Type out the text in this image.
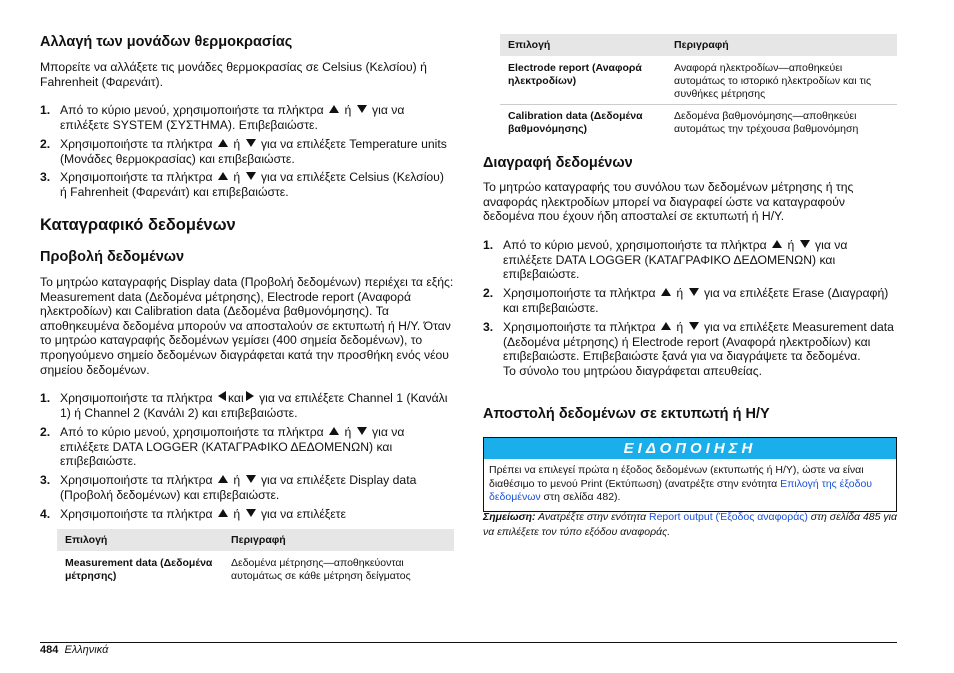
Αλλαγή των μονάδων θερμοκρασίας

Μπορείτε να αλλάξετε τις μονάδες θερμοκρασίας σε Celsius (Κελσίου) ή Fahrenheit (Φαρενάιτ).

1. Από το κύριο μενού, χρησιμοποιήστε τα πλήκτρα ή για να επιλέξετε SYSTEM (ΣΥΣΤΗΜΑ). Επιβεβαιώστε.
2. Χρησιμοποιήστε τα πλήκτρα ή για να επιλέξετε Temperature units (Μονάδες θερμοκρασίας) και επιβεβαιώστε.
3. Χρησιμοποιήστε τα πλήκτρα ή για να επιλέξετε Celsius (Κελσίου) ή Fahrenheit (Φαρενάιτ) και επιβεβαιώστε.
Καταγραφικό δεδομένων
Προβολή δεδομένων

Το μητρώο καταγραφής Display data (Προβολή δεδομένων) περιέχει τα εξής: Measurement data (Δεδομένα μέτρησης), Electrode report (Αναφορά ηλεκτροδίων) και Calibration data (Δεδομένα βαθμονόμησης). Τα αποθηκευμένα δεδομένα μπορούν να αποσταλούν σε εκτυπωτή ή Η/Υ. Όταν το μητρώο καταγραφής δεδομένων γεμίσει (400 σημεία δεδομένων), το προηγούμενο σημείο δεδομένων διαγράφεται κατά την προσθήκη ενός νέου σημείου δεδομένων.

1. Χρησιμοποιήστε τα πλήκτρα και για να επιλέξετε Channel 1 (Κανάλι 1) ή Channel 2 (Κανάλι 2) και επιβεβαιώστε.
2. Από το κύριο μενού, χρησιμοποιήστε τα πλήκτρα ή για να επιλέξετε DATA LOGGER (ΚΑΤΑΓΡΑΦΙΚΟ ΔΕΔΟΜΕΝΩΝ) και επιβεβαιώστε.
3. Χρησιμοποιήστε τα πλήκτρα ή για να επιλέξετε Display data (Προβολή δεδομένων) και επιβεβαιώστε.
4. Χρησιμοποιήστε τα πλήκτρα ή για να επιλέξετε
Επιλογή	Περιγραφή
Measurement data (Δεδομένα μέτρησης)	Δεδομένα μέτρησης—αποθηκεύονται αυτομάτως σε κάθε μέτρηση δείγματος
Επιλογή	Περιγραφή
Electrode report (Αναφορά ηλεκτροδίων)	Αναφορά ηλεκτροδίων—αποθηκεύει αυτομάτως το ιστορικό ηλεκτροδίων και τις συνθήκες μέτρησης
Calibration data (Δεδομένα βαθμονόμησης)	Δεδομένα βαθμονόμησης—αποθηκεύει αυτομάτως την τρέχουσα βαθμονόμηση
Διαγραφή δεδομένων

Το μητρώο καταγραφής του συνόλου των δεδομένων μέτρησης ή της αναφοράς ηλεκτροδίων μπορεί να διαγραφεί ώστε να καταγραφούν δεδομένα που έχουν ήδη αποσταλεί σε εκτυπωτή ή Η/Υ.

1. Από το κύριο μενού, χρησιμοποιήστε τα πλήκτρα ή για να επιλέξετε DATA LOGGER (ΚΑΤΑΓΡΑΦΙΚΟ ΔΕΔΟΜΕΝΩΝ) και επιβεβαιώστε.
2. Χρησιμοποιήστε τα πλήκτρα ή για να επιλέξετε Erase (Διαγραφή) και επιβεβαιώστε.
3. Χρησιμοποιήστε τα πλήκτρα ή για να επιλέξετε Measurement data (Δεδομένα μέτρησης) ή Electrode report (Αναφορά ηλεκτροδίων) και επιβεβαιώστε. Επιβεβαιώστε ξανά για να διαγράψετε τα δεδομένα.
Το σύνολο του μητρώου διαγράφεται απευθείας.
Αποστολή δεδομένων σε εκτυπωτή ή Η/Υ
ΕΙΔΟΠΟΙΗΣΗ
Πρέπει να επιλεγεί πρώτα η έξοδος δεδομένων (εκτυπωτής ή Η/Υ), ώστε να είναι διαθέσιμο το μενού Print (Εκτύπωση) (ανατρέξτε στην ενότητα Επιλογή της έξοδου δεδομένων στη σελίδα 482).
Σημείωση: Ανατρέξτε στην ενότητα Report output (Έξοδος αναφοράς) στη σελίδα 485 για να επιλέξετε τον τύπο εξόδου αναφοράς.
484 Ελληνικά
